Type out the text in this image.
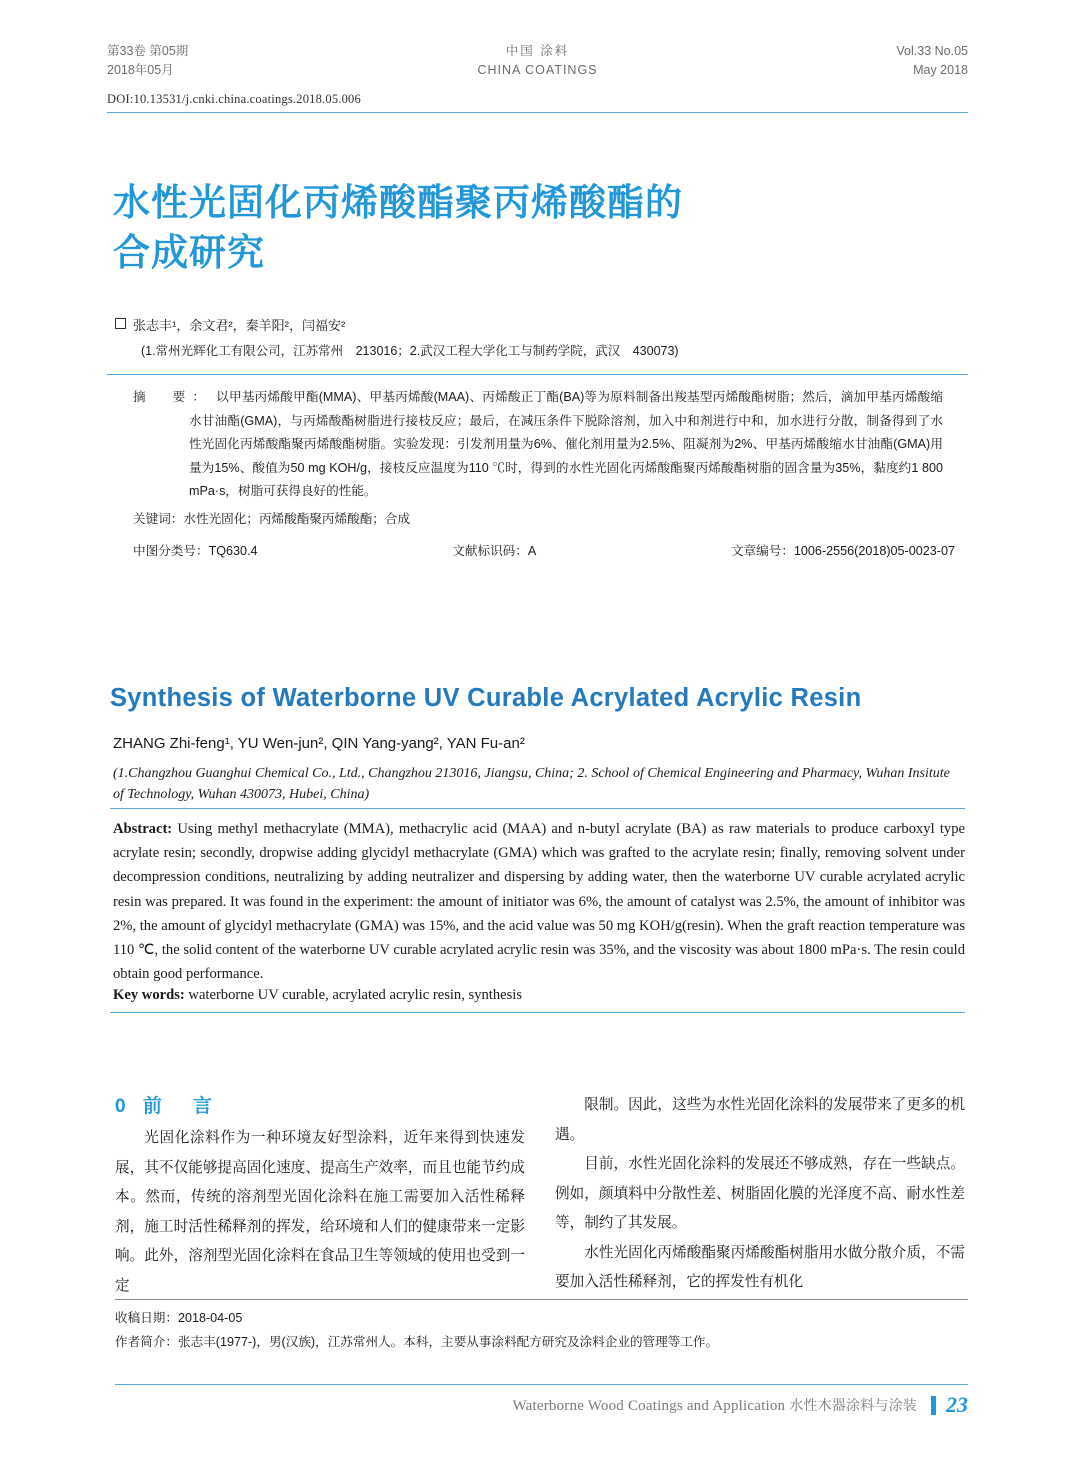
第33卷 第05期
2018年05月
中国 涂料
CHINA COATINGS
Vol.33 No.05
May 2018
DOI:10.13531/j.cnki.china.coatings.2018.05.006
水性光固化丙烯酸酯聚丙烯酸酯的
合成研究
张志丰¹，余文君²，秦羊阳²，闫福安²
(1.常州光辉化工有限公司，江苏常州　213016；2.武汉工程大学化工与制药学院，武汉　430073)

摘　要： 以甲基丙烯酸甲酯(MMA)、甲基丙烯酸(MAA)、丙烯酸正丁酯(BA)等为原料制备出羧基型丙烯酸酯树脂；然后，滴加甲基丙烯酸缩水甘油酯(GMA)，与丙烯酸酯树脂进行接枝反应；最后，在减压条件下脱除溶剂，加入中和剂进行中和，加水进行分散，制备得到了水性光固化丙烯酸酯聚丙烯酸酯树脂。实验发现：引发剂用量为6%、催化剂用量为2.5%、阻凝剂为2%、甲基丙烯酸缩水甘油酯(GMA)用量为15%、酸值为50 mg KOH/g，接枝反应温度为110 ℃时，得到的水性光固化丙烯酸酯聚丙烯酸酯树脂的固含量为35%，黏度约1 800 mPa·s，树脂可获得良好的性能。

关键词：水性光固化；丙烯酸酯聚丙烯酸酯；合成
中图分类号：TQ630.4	文献标识码：A	文章编号：1006-2556(2018)05-0023-07
Synthesis of Waterborne UV Curable Acrylated Acrylic Resin
ZHANG Zhi-feng¹, YU Wen-jun², QIN Yang-yang², YAN Fu-an²
(1.Changzhou Guanghui Chemical Co., Ltd., Changzhou 213016, Jiangsu, China; 2. School of Chemical Engineering and Pharmacy, Wuhan Insitute of Technology, Wuhan 430073, Hubei, China)
Abstract: Using methyl methacrylate (MMA), methacrylic acid (MAA) and n-butyl acrylate (BA) as raw materials to produce carboxyl type acrylate resin; secondly, dropwise adding glycidyl methacrylate (GMA) which was grafted to the acrylate resin; finally, removing solvent under decompression conditions, neutralizing by adding neutralizer and dispersing by adding water, then the waterborne UV curable acrylated acrylic resin was prepared. It was found in the experiment: the amount of initiator was 6%, the amount of catalyst was 2.5%, the amount of inhibitor was 2%, the amount of glycidyl methacrylate (GMA) was 15%, and the acid value was 50 mg KOH/g(resin). When the graft reaction temperature was 110 ℃, the solid content of the waterborne UV curable acrylated acrylic resin was 35%, and the viscosity was about 1800 mPa·s. The resin could obtain good performance.
Key words: waterborne UV curable, acrylated acrylic resin, synthesis
0 前　言

光固化涂料作为一种环境友好型涂料，近年来得到快速发展，其不仅能够提高固化速度、提高生产效率，而且也能节约成本。然而，传统的溶剂型光固化涂料在施工需要加入活性稀释剂，施工时活性稀释剂的挥发，给环境和人们的健康带来一定影响。此外，溶剂型光固化涂料在食品卫生等领域的使用也受到一定

限制。因此，这些为水性光固化涂料的发展带来了更多的机遇。

目前，水性光固化涂料的发展还不够成熟，存在一些缺点。例如，颜填料中分散性差、树脂固化膜的光泽度不高、耐水性差等，制约了其发展。

水性光固化丙烯酸酯聚丙烯酸酯树脂用水做分散介质，不需要加入活性稀释剂，它的挥发性有机化

收稿日期：2018-04-05
作者简介：张志丰(1977-)，男(汉族)，江苏常州人。本科，主要从事涂料配方研究及涂料企业的管理等工作。
Waterborne Wood Coatings and Application 水性木器涂料与涂装 23
